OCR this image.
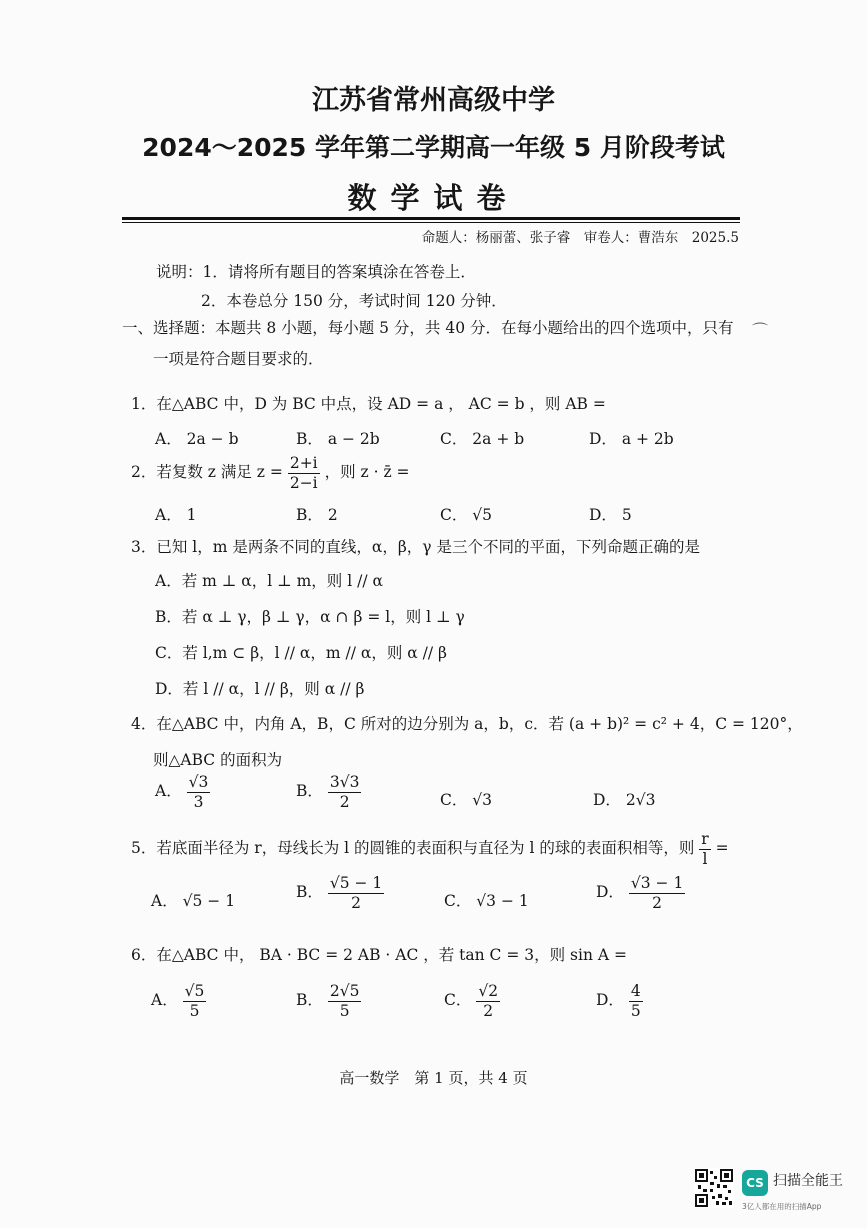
江苏省常州高级中学
2024～2025 学年第二学期高一年级 5 月阶段考试
数学试卷
命题人：杨丽蕾、张子睿　审卷人：曹浩东　2025.5
说明：1．请将所有题目的答案填涂在答卷上．
2．本卷总分 150 分，考试时间 120 分钟．
一、选择题：本题共 8 小题，每小题 5 分，共 40 分．在每小题给出的四个选项中，只有
一项是符合题目要求的．
⌒
1．在△ABC 中，D 为 BC 中点，设 AD = a ， AC = b ，则 AB =
A． 2a − b	B． a − 2b	C． 2a + b	D． a + 2b
2．若复数 z 满足 $z = \frac{2+i}{2-i}$ ，则 z · z̄ =
A． 1	B． 2	C． √5	D． 5
3．已知 l，m 是两条不同的直线，α，β，γ 是三个不同的平面，下列命题正确的是
A．若 m ⊥ α，l ⊥ m，则 l // α
B．若 α ⊥ γ，β ⊥ γ，α ∩ β = l，则 l ⊥ γ
C．若 l,m ⊂ β，l // α，m // α，则 α // β
D．若 l // α，l // β，则 α // β
4．在△ABC 中，内角 A，B，C 所对的边分别为 a，b，c．若 (a + b)² = c² + 4，C = 120°，
则△ABC 的面积为
A． $\frac{√3}{3}$	B． $\frac{3√3}{2}$	C． √3	D． 2√3
5．若底面半径为 r，母线长为 l 的圆锥的表面积与直径为 l 的球的表面积相等，则 $\frac{r}{l}$ =
A． √5 − 1	B． $\frac{√5 - 1}{2}$	C． √3 − 1	D． $\frac{√3 - 1}{2}$
6．在△ABC 中， BA · BC = 2 AB · AC ，若 tan C = 3，则 sin A =
A． $\frac{√5}{5}$	B． $\frac{2√5}{5}$	C． $\frac{√2}{2}$	D． $\frac{4}{5}$
高一数学　第 1 页，共 4 页
CS 扫描全能王
3亿人都在用的扫描App
